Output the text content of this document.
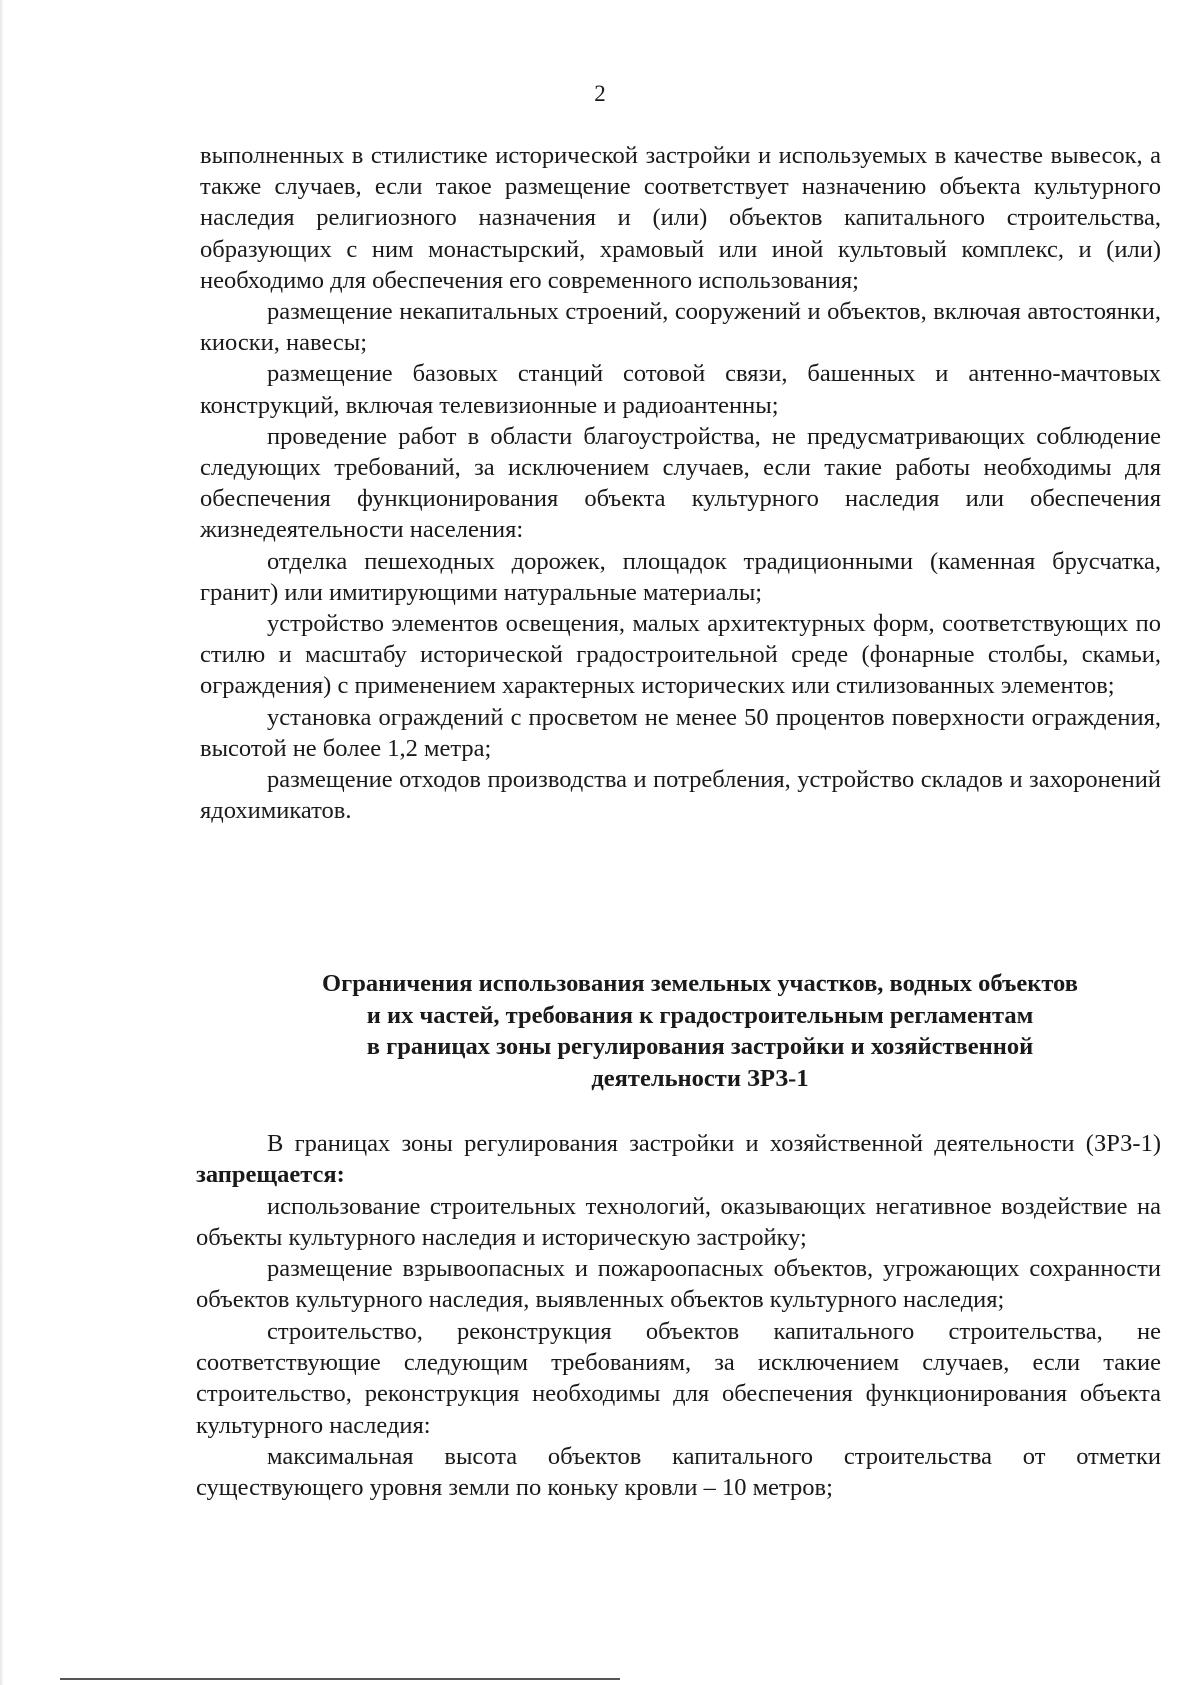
2

выполненных в стилистике исторической застройки и используемых в качестве вывесок, а также случаев, если такое размещение соответствует назначению объекта культурного наследия религиозного назначения и (или) объектов капитального строительства, образующих с ним монастырский, храмовый или иной культовый комплекс, и (или) необходимо для обеспечения его современного использования;

размещение некапитальных строений, сооружений и объектов, включая автостоянки, киоски, навесы;

размещение базовых станций сотовой связи, башенных и антенно-мачтовых конструкций, включая телевизионные и радиоантенны;

проведение работ в области благоустройства, не предусматривающих соблюдение следующих требований, за исключением случаев, если такие работы необходимы для обеспечения функционирования объекта культурного наследия или обеспечения жизнедеятельности населения:

отделка пешеходных дорожек, площадок традиционными (каменная брусчатка, гранит) или имитирующими натуральные материалы;

устройство элементов освещения, малых архитектурных форм, соответствующих по стилю и масштабу исторической градостроительной среде (фонарные столбы, скамьи, ограждения) с применением характерных исторических или стилизованных элементов;

установка ограждений с просветом не менее 50 процентов поверхности ограждения, высотой не более 1,2 метра;

размещение отходов производства и потребления, устройство складов и захоронений ядохимикатов.

Ограничения использования земельных участков, водных объектов
и их частей, требования к градостроительным регламентам
в границах зоны регулирования застройки и хозяйственной
деятельности ЗРЗ-1

В границах зоны регулирования застройки и хозяйственной деятельности (ЗРЗ-1) запрещается:

использование строительных технологий, оказывающих негативное воздействие на объекты культурного наследия и историческую застройку;

размещение взрывоопасных и пожароопасных объектов, угрожающих сохранности объектов культурного наследия, выявленных объектов культурного наследия;

строительство, реконструкция объектов капитального строительства, не соответствующие следующим требованиям, за исключением случаев, если такие строительство, реконструкция необходимы для обеспечения функционирования объекта культурного наследия:

максимальная высота объектов капитального строительства от отметки существующего уровня земли по коньку кровли – 10 метров;
